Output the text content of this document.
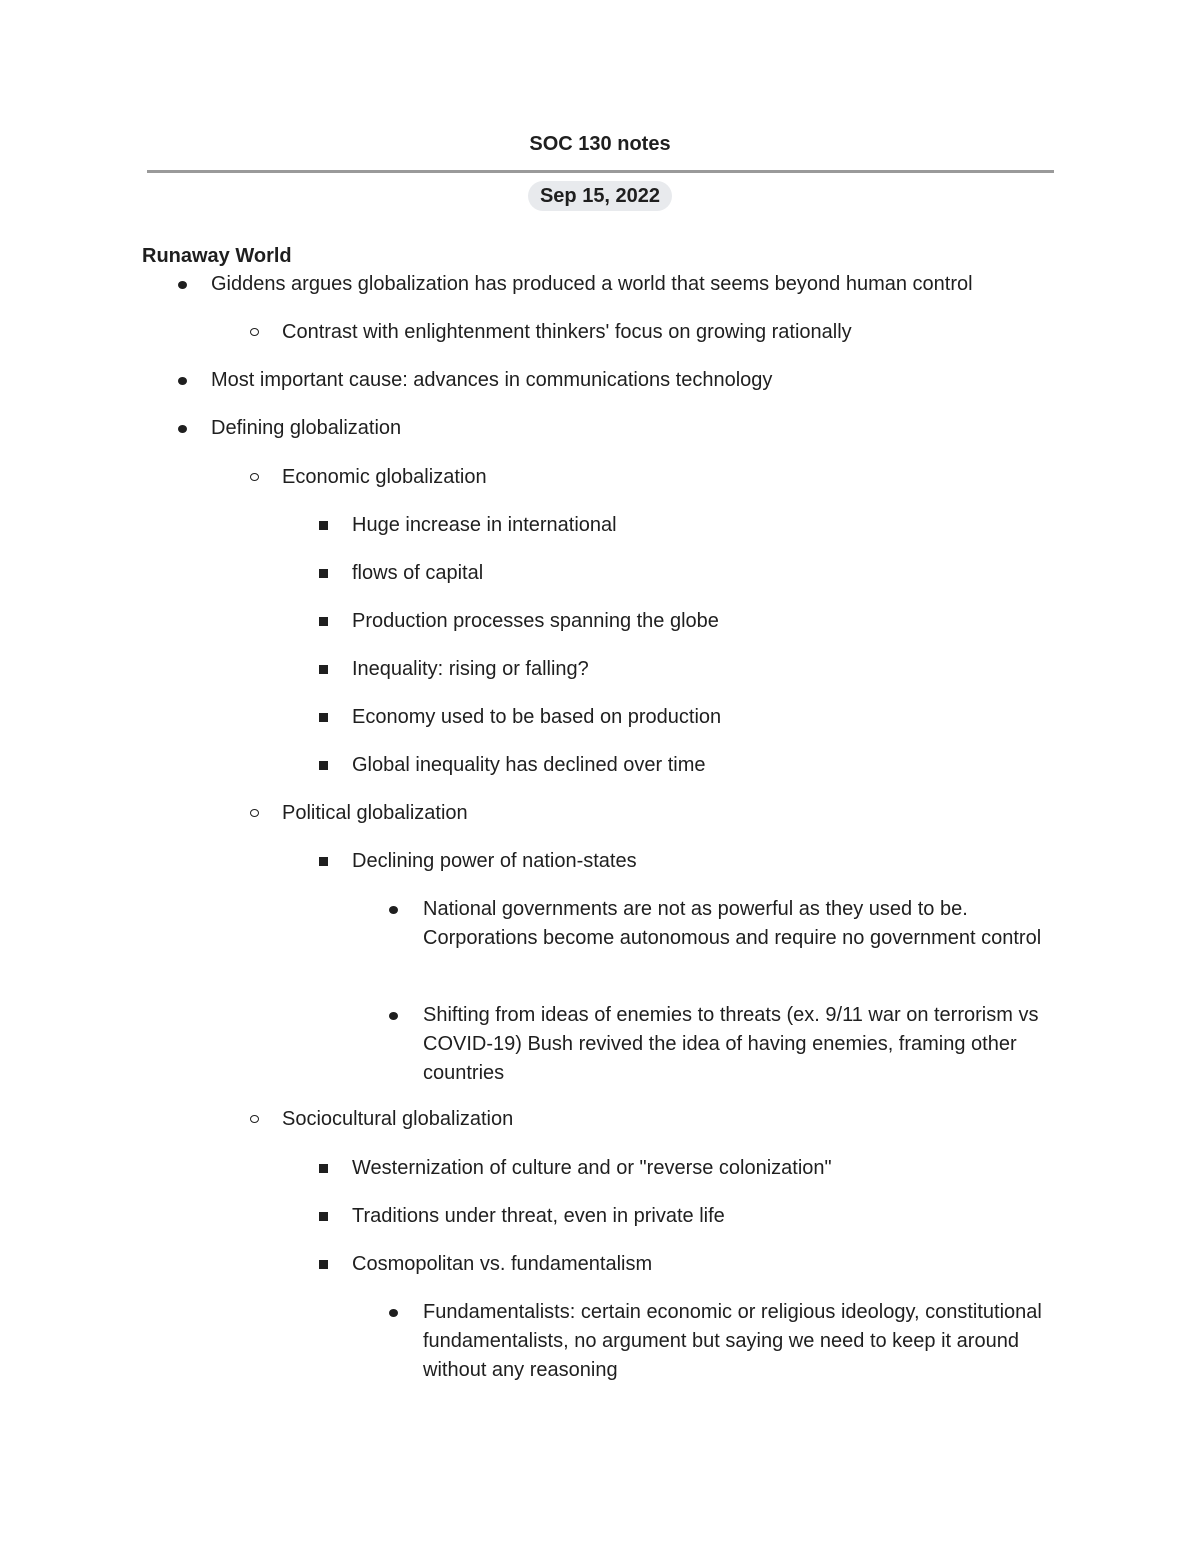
SOC 130 notes
Sep 15, 2022
Runaway World
Giddens argues globalization has produced a world that seems beyond human control
Contrast with enlightenment thinkers' focus on growing rationally
Most important cause: advances in communications technology
Defining globalization
Economic globalization
Huge increase in international
flows of capital
Production processes spanning the globe
Inequality: rising or falling?
Economy used to be based on production
Global inequality has declined over time
Political globalization
Declining power of nation-states
National governments are not as powerful as they used to be. Corporations become autonomous and require no government control
Shifting from ideas of enemies to threats (ex. 9/11 war on terrorism vs COVID-19) Bush revived the idea of having enemies, framing other countries
Sociocultural globalization
Westernization of culture and or "reverse colonization"
Traditions under threat, even in private life
Cosmopolitan vs. fundamentalism
Fundamentalists: certain economic or religious ideology, constitutional fundamentalists, no argument but saying we need to keep it around without any reasoning
